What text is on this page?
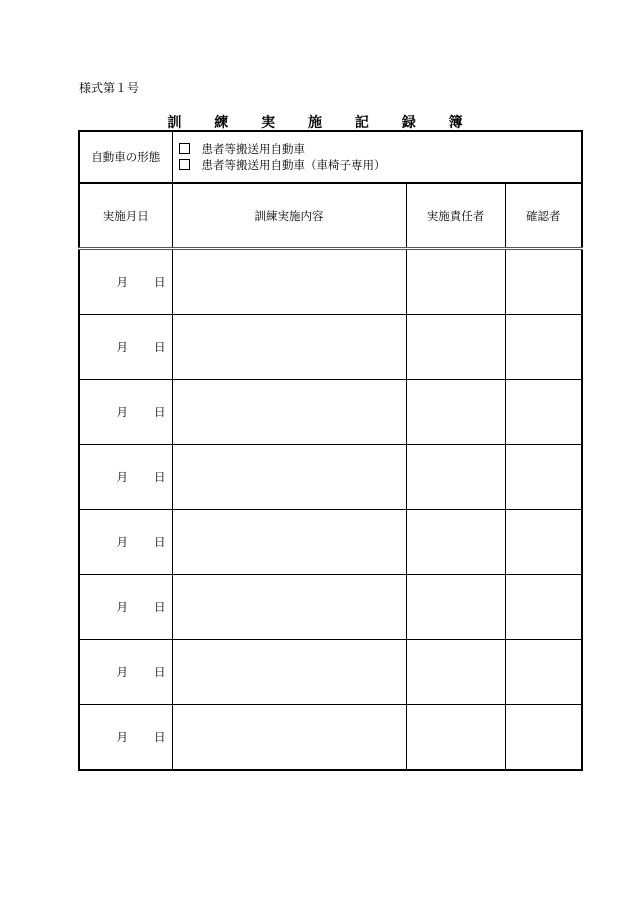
様式第１号
訓 練 実 施 記 録 簿
自動車の形態	患者等搬送用自動車
患者等搬送用自動車（車椅子専用）		

実施月日	訓練実施内容	実施責任者	確認者
月 日			
月 日			
月 日			
月 日			
月 日			
月 日			
月 日			
月 日			
